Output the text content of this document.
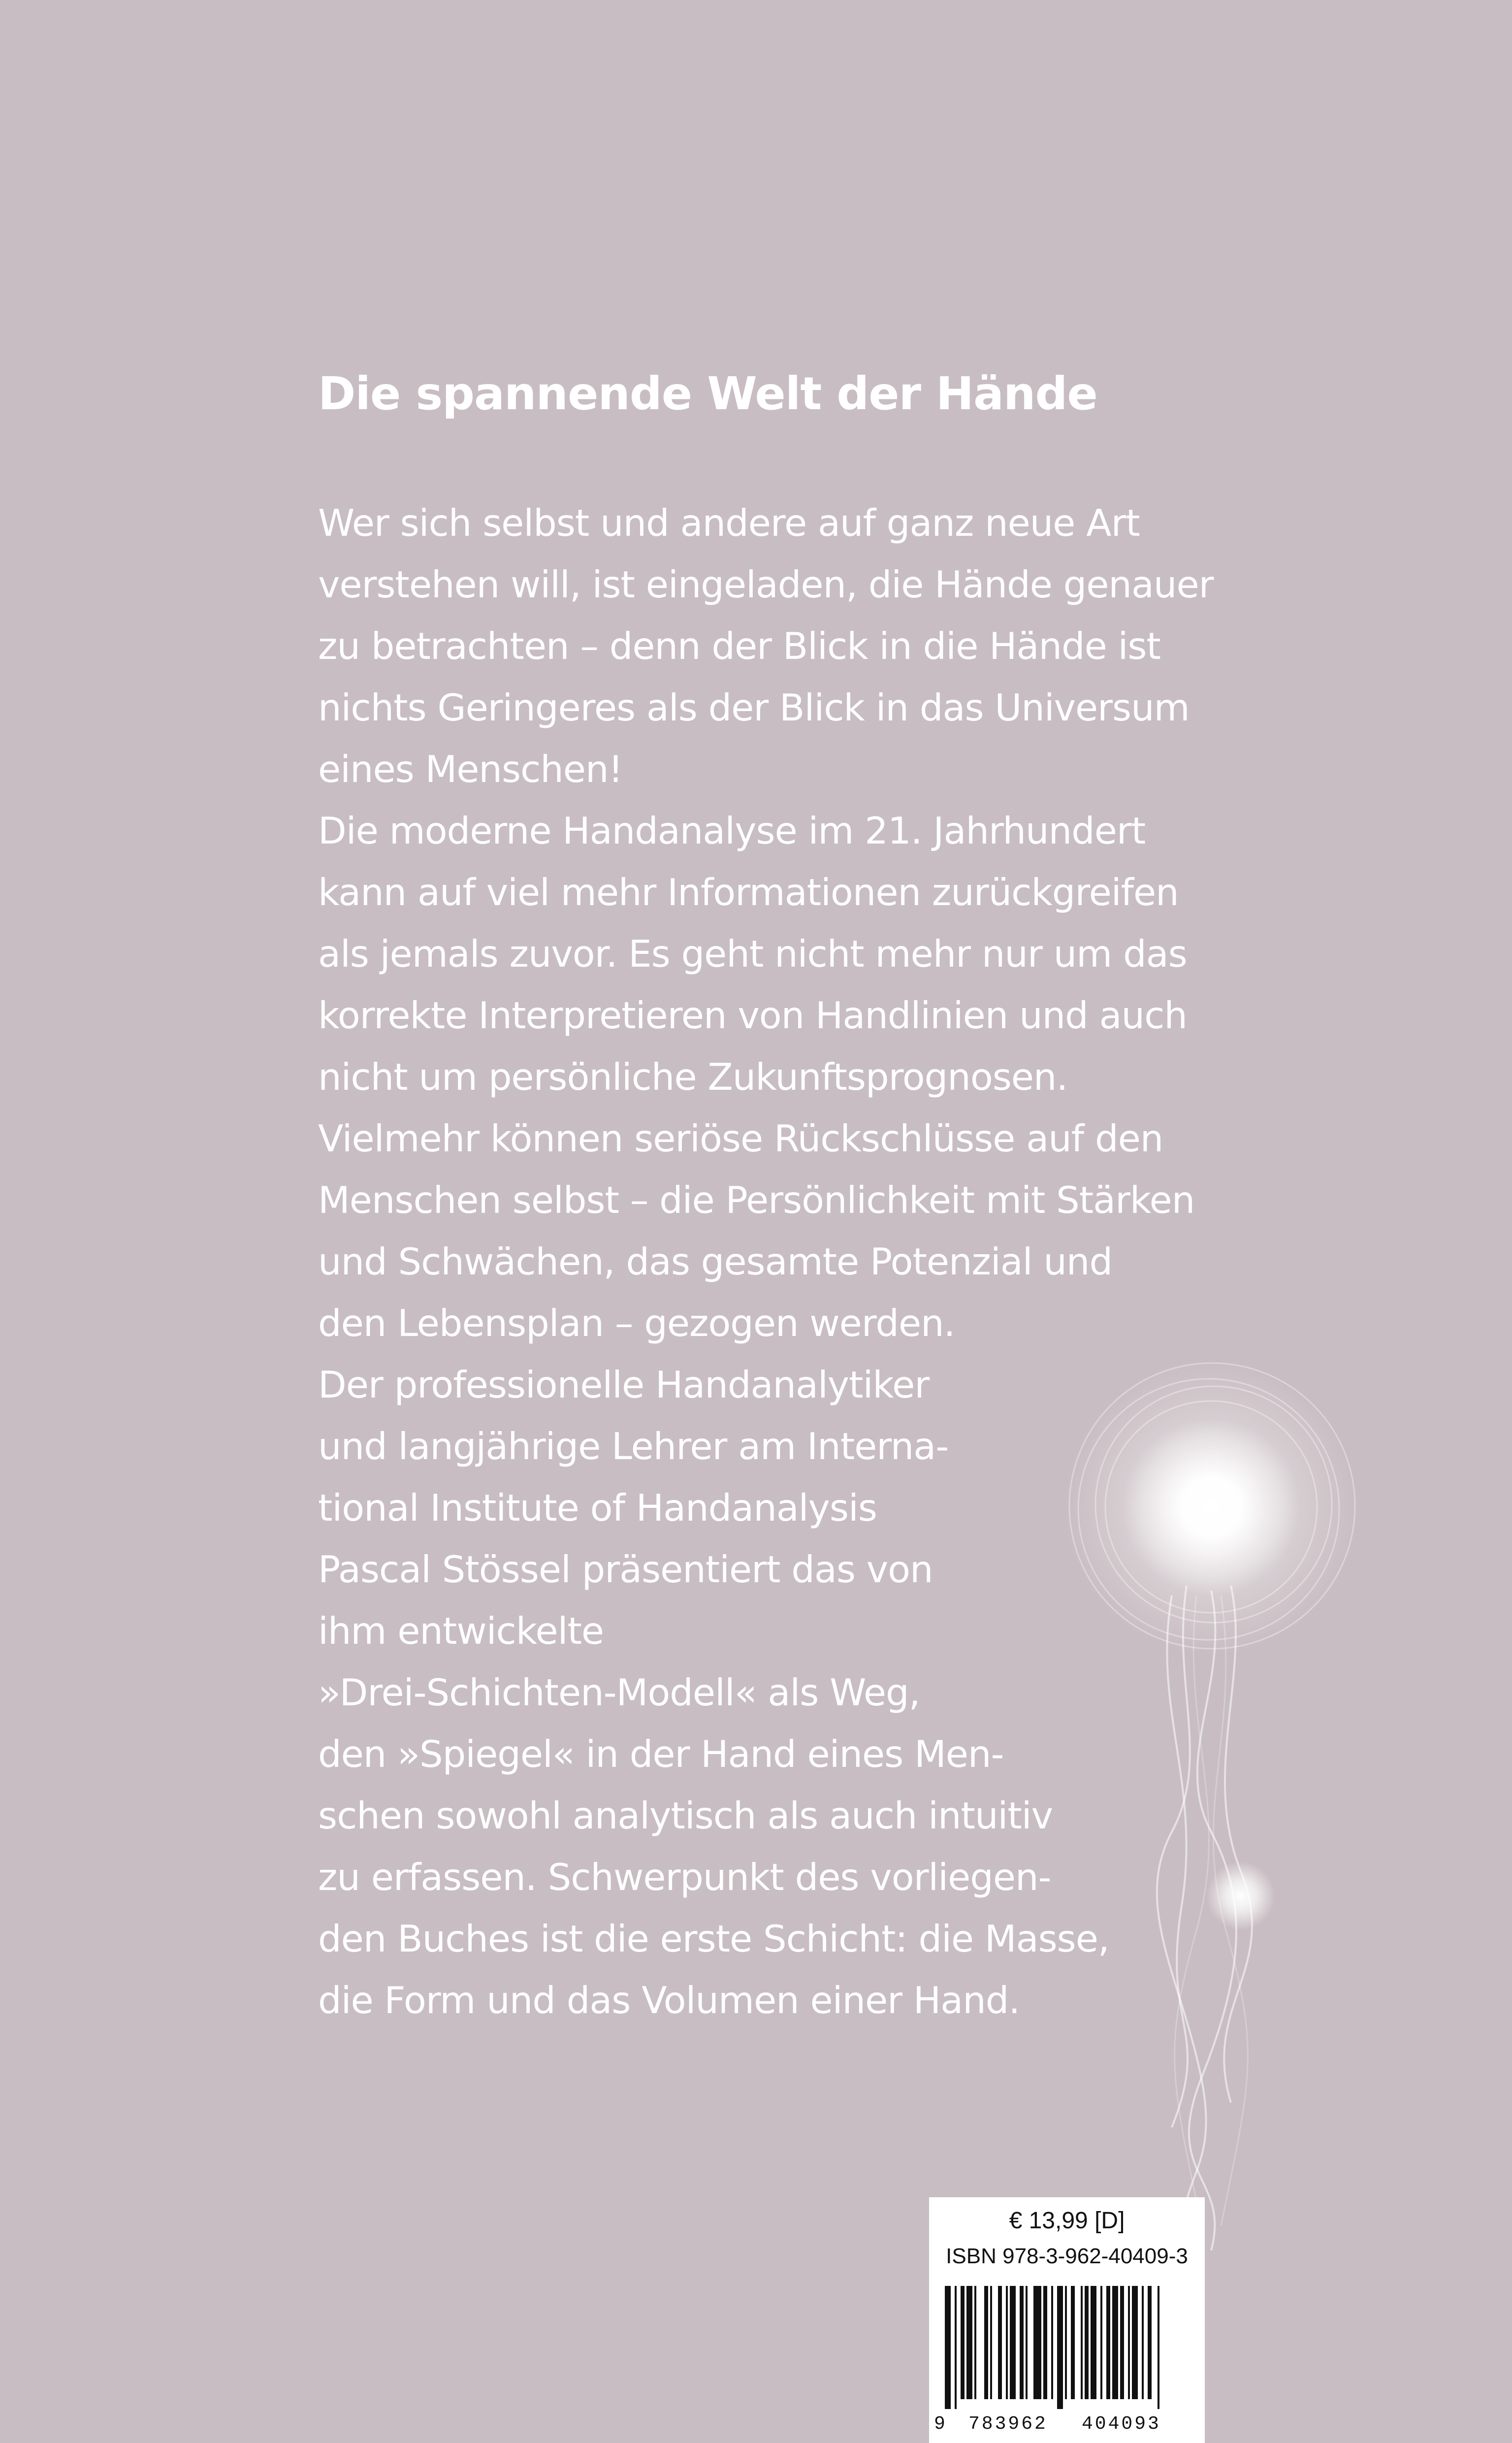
Die spannende Welt der Hände
Wer sich selbst und andere auf ganz neue Art
verstehen will, ist eingeladen, die Hände genauer
zu betrachten – denn der Blick in die Hände ist
nichts Geringeres als der Blick in das Universum
eines Menschen!
Die moderne Handanalyse im 21. Jahrhundert
kann auf viel mehr Informationen zurückgreifen
als jemals zuvor. Es geht nicht mehr nur um das
korrekte Interpretieren von Handlinien und auch
nicht um persönliche Zukunftsprognosen.
Vielmehr können seriöse Rückschlüsse auf den
Menschen selbst – die Persönlichkeit mit Stärken
und Schwächen, das gesamte Potenzial und
den Lebensplan – gezogen werden.
Der professionelle Handanalytiker
und langjährige Lehrer am Interna-
tional Institute of Handanalysis
Pascal Stössel präsentiert das von
ihm entwickelte
»Drei-Schichten-Modell« als Weg,
den »Spiegel« in der Hand eines Men-
schen sowohl analytisch als auch intuitiv
zu erfassen. Schwerpunkt des vorliegen-
den Buches ist die erste Schicht: die Masse,
die Form und das Volumen einer Hand.
€ 13,99 [D]
ISBN 978-3-962-40409-3
9 783962 404093
